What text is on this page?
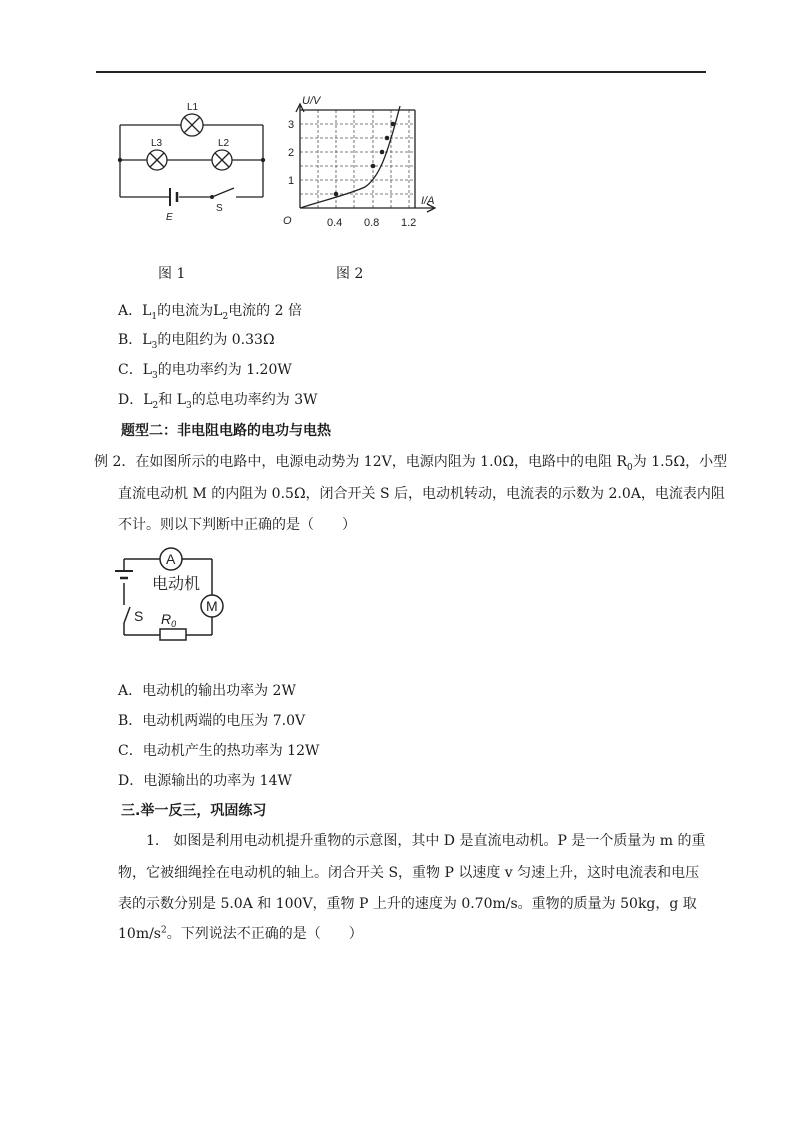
L1
L3	L2
E
S
U/V
I/A
O
1
2
3
0.4 0.8 1.2
图 1	图 2
A．$L_1$的电流为$L_2$电流的 2 倍
B．$L_3$的电阻约为 0.33Ω
C．$L_3$的电功率约为 1.20W
D．$L_2$和 $L_3$的总电功率约为 3W
题型二：非电阻电路的电功与电热
例 2．在如图所示的电路中，电源电动势为 12V，电源内阻为 1.0Ω，电路中的电阻 $R_0$为 1.5Ω，小型
直流电动机 M 的内阻为 0.5Ω，闭合开关 S 后，电动机转动，电流表的示数为 2.0A，电流表内阻
不计。则以下判断中正确的是（　　）
A
M
电动机
S $R_0$
A．电动机的输出功率为 2W
B．电动机两端的电压为 7.0V
C．电动机产生的热功率为 12W
D．电源输出的功率为 14W
三.举一反三，巩固练习
1.　如图是利用电动机提升重物的示意图，其中 D 是直流电动机。P 是一个质量为 m 的重
物，它被细绳拴在电动机的轴上。闭合开关 S，重物 P 以速度 v 匀速上升，这时电流表和电压
表的示数分别是 5.0A 和 100V，重物 P 上升的速度为 0.70m/s。重物的质量为 50kg，g 取
$10m/s^2$。下列说法不正确的是（　　）
